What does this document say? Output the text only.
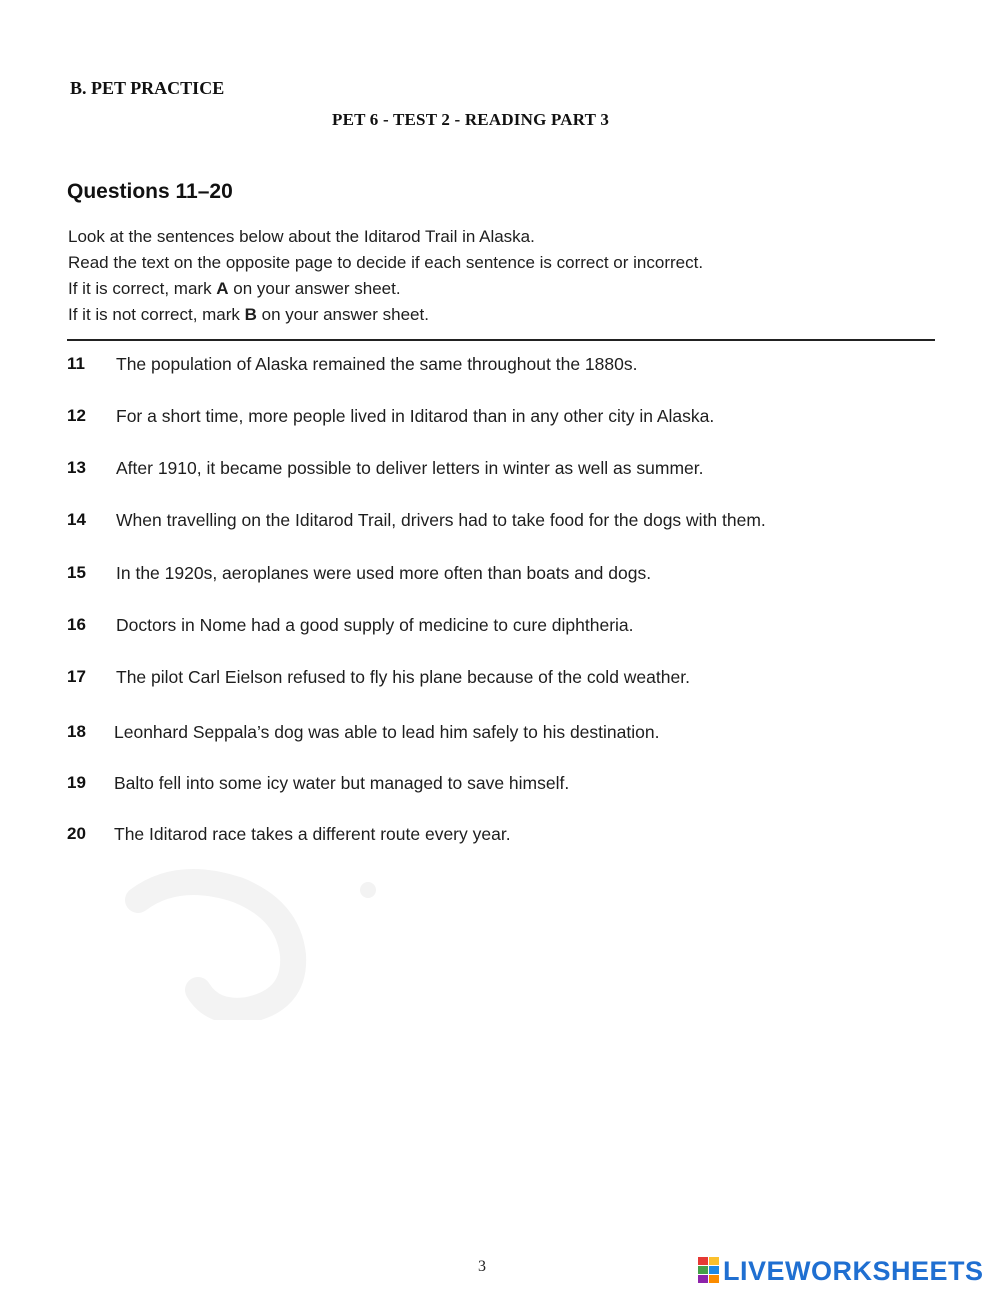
B. PET PRACTICE
PET 6 - TEST 2 - READING PART 3
Questions 11–20
Look at the sentences below about the Iditarod Trail in Alaska.
Read the text on the opposite page to decide if each sentence is correct or incorrect.
If it is correct, mark A on your answer sheet.
If it is not correct, mark B on your answer sheet.
11	The population of Alaska remained the same throughout the 1880s.
12	For a short time, more people lived in Iditarod than in any other city in Alaska.
13	After 1910, it became possible to deliver letters in winter as well as summer.
14	When travelling on the Iditarod Trail, drivers had to take food for the dogs with them.
15	In the 1920s, aeroplanes were used more often than boats and dogs.
16	Doctors in Nome had a good supply of medicine to cure diphtheria.
17	The pilot Carl Eielson refused to fly his plane because of the cold weather.
18	Leonhard Seppala’s dog was able to lead him safely to his destination.
19	Balto fell into some icy water but managed to save himself.
20	The Iditarod race takes a different route every year.
3	LIVEWORKSHEETS
